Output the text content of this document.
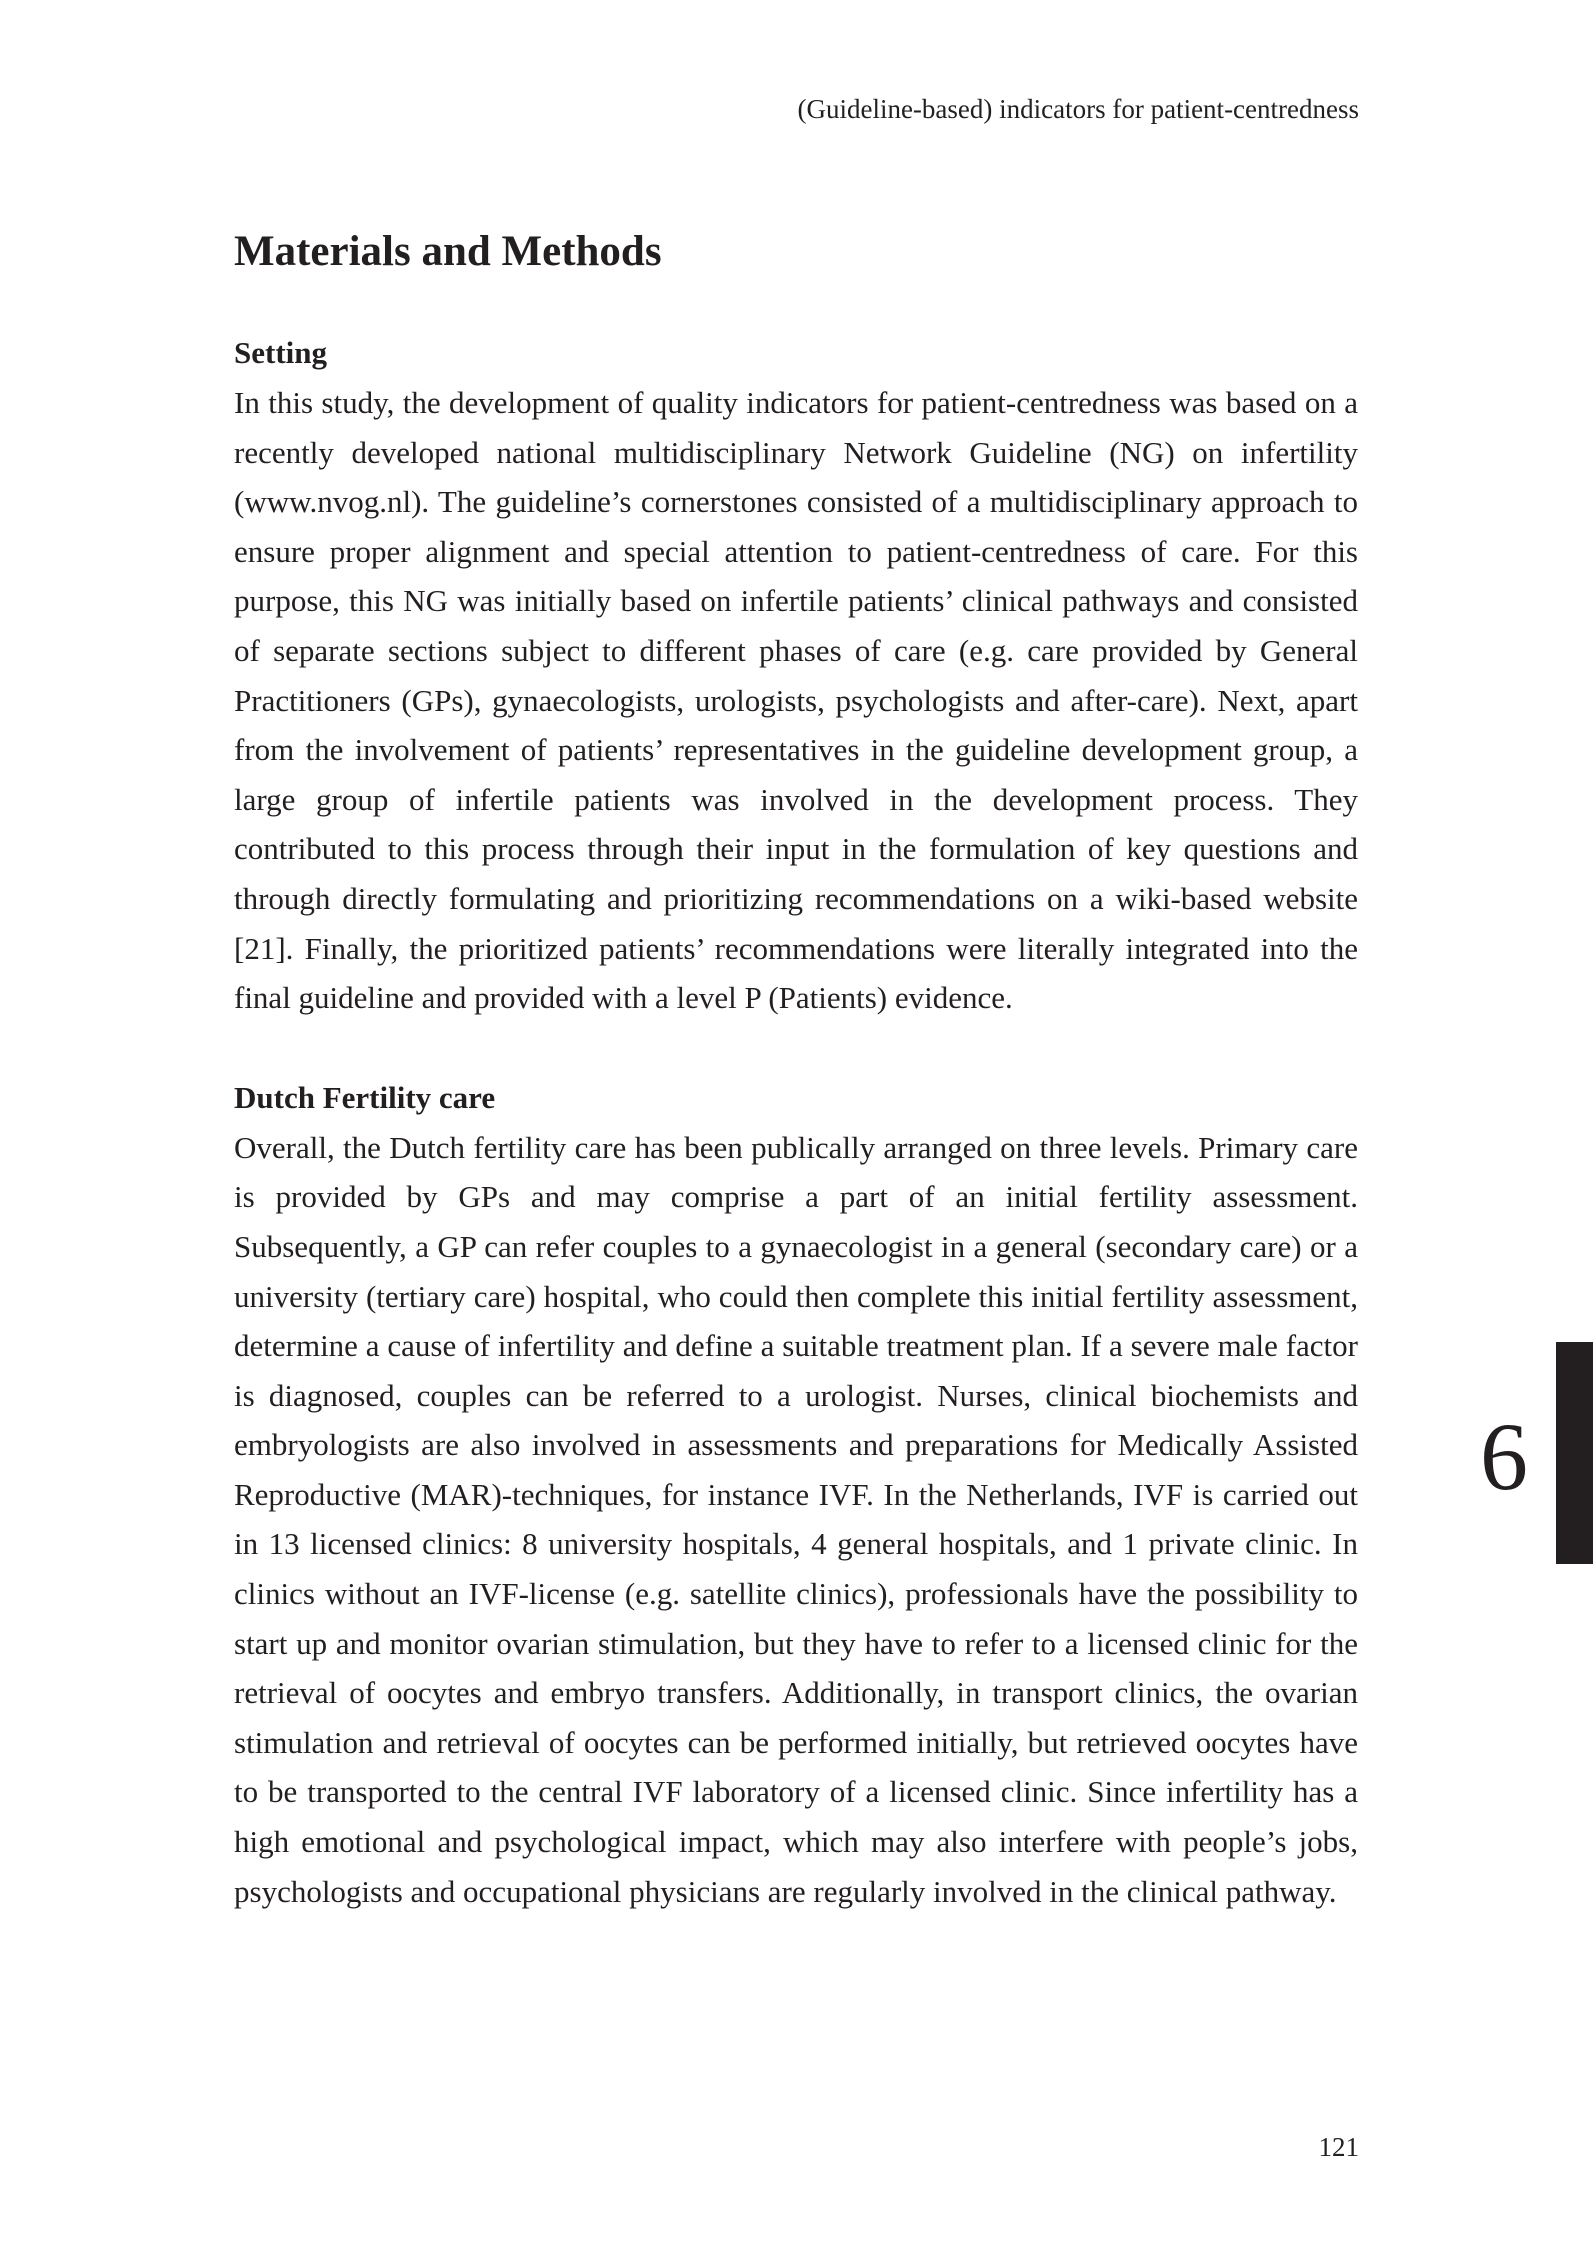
(Guideline-based) indicators for patient-centredness
Materials and Methods
Setting

In this study, the development of quality indicators for patient-centredness was based on a recently developed national multidisciplinary Network Guideline (NG) on infertility (www.nvog.nl). The guideline’s cornerstones consisted of a multidisciplinary approach to ensure proper alignment and special attention to patient-centredness of care. For this purpose, this NG was initially based on infertile patients’ clinical pathways and consisted of separate sections subject to different phases of care (e.g. care provided by General Practitioners (GPs), gynaecologists, urologists, psychologists and after-care). Next, apart from the involvement of patients’ representatives in the guideline development group, a large group of infertile patients was involved in the development process. They contributed to this process through their input in the formulation of key questions and through directly formulating and prioritizing recommendations on a wiki-based website [21]. Finally, the prioritized patients’ recommendations were literally integrated into the final guideline and provided with a level P (Patients) evidence.

Dutch Fertility care

Overall, the Dutch fertility care has been publically arranged on three levels. Primary care is provided by GPs and may comprise a part of an initial fertility assessment. Subsequently, a GP can refer couples to a gynaecologist in a general (secondary care) or a university (tertiary care) hospital, who could then complete this initial fertility assessment, determine a cause of infertility and define a suitable treatment plan. If a severe male factor is diagnosed, couples can be referred to a urologist. Nurses, clinical biochemists and embryologists are also involved in assessments and preparations for Medically Assisted Reproductive (MAR)-techniques, for instance IVF. In the Netherlands, IVF is carried out in 13 licensed clinics: 8 university hospitals, 4 general hospitals, and 1 private clinic. In clinics without an IVF-license (e.g. satellite clinics), professionals have the possibility to start up and monitor ovarian stimulation, but they have to refer to a licensed clinic for the retrieval of oocytes and embryo transfers. Additionally, in transport clinics, the ovarian stimulation and retrieval of oocytes can be performed initially, but retrieved oocytes have to be transported to the central IVF laboratory of a licensed clinic. Since infertility has a high emotional and psychological impact, which may also interfere with people’s jobs, psychologists and occupational physicians are regularly involved in the clinical pathway.

6
121
